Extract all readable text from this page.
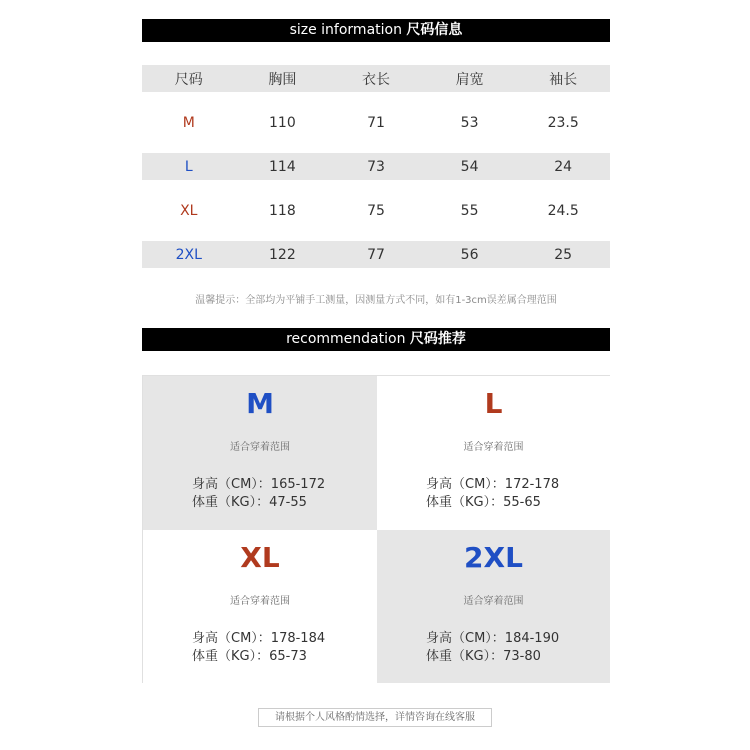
size information 尺码信息
尺码	胸围	衣长	肩宽	袖长
M	110	71	53	23.5
L	114	73	54	24
XL	118	75	55	24.5
2XL	122	77	56	25
温馨提示：全部均为平铺手工测量，因测量方式不同，如有1-3cm误差属合理范围
recommendation 尺码推荐
M
适合穿着范围
身高（CM）：165-172
体重（KG）：47-55
L
适合穿着范围
身高（CM）：172-178
体重（KG）：55-65
XL
适合穿着范围
身高（CM）：178-184
体重（KG）：65-73
2XL
适合穿着范围
身高（CM）：184-190
体重（KG）：73-80
请根据个人风格酌情选择，详情咨询在线客服
